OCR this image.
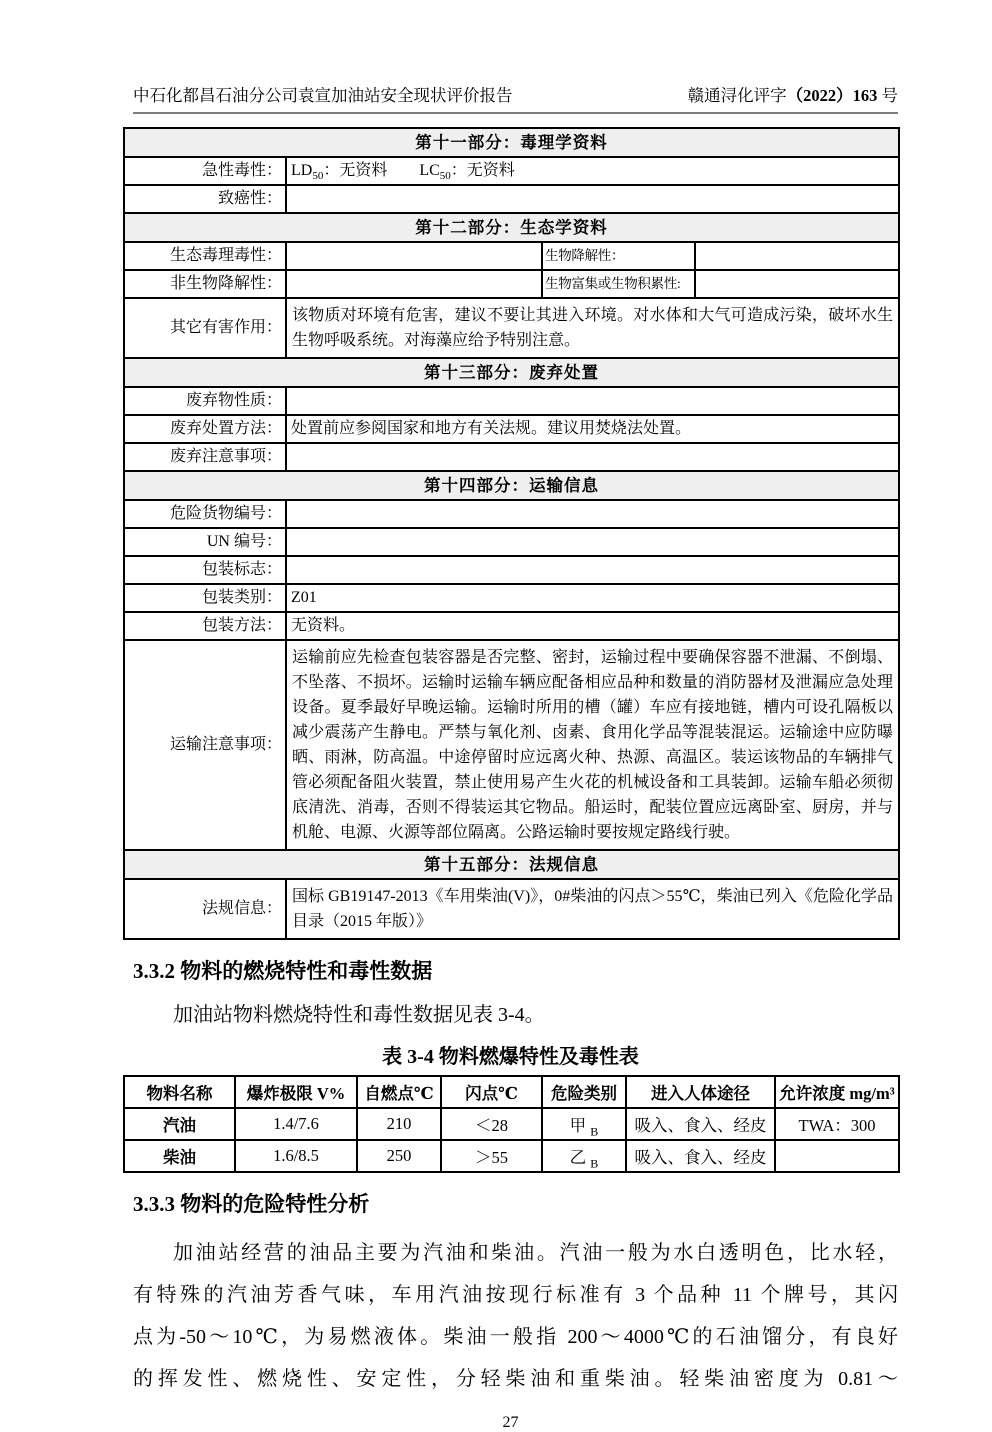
中石化都昌石油分公司袁宣加油站安全现状评价报告	赣通浔化评字（2022）163 号
第十一部分：毒理学资料			
急性毒性：	$LD_{50}$：无资料　　$LC_{50}$：无资料		
致癌性：			
第十二部分：生态学资料			
生态毒理毒性：		生物降解性：	
非生物降解性：		生物富集或生物积累性:	
其它有害作用：	该物质对环境有危害，建议不要让其进入环境。对水体和大气可造成污染，破坏水生生物呼吸系统。对海藻应给予特别注意。		
第十三部分：废弃处置			
废弃物性质：			
废弃处置方法：	处置前应参阅国家和地方有关法规。建议用焚烧法处置。		
废弃注意事项：			
第十四部分：运输信息			
危险货物编号：			
UN 编号：			
包装标志：			
包装类别：	Z01		
包装方法：	无资料。		
运输注意事项：	运输前应先检查包装容器是否完整、密封，运输过程中要确保容器不泄漏、不倒塌、不坠落、不损坏。运输时运输车辆应配备相应品种和数量的消防器材及泄漏应急处理设备。夏季最好早晚运输。运输时所用的槽（罐）车应有接地链，槽内可设孔隔板以减少震荡产生静电。严禁与氧化剂、卤素、食用化学品等混装混运。运输途中应防曝晒、雨淋，防高温。中途停留时应远离火种、热源、高温区。装运该物品的车辆排气管必须配备阻火装置，禁止使用易产生火花的机械设备和工具装卸。运输车船必须彻底清洗、消毒，否则不得装运其它物品。船运时，配装位置应远离卧室、厨房，并与机舱、电源、火源等部位隔离。公路运输时要按规定路线行驶。		
第十五部分：法规信息			
法规信息：	国标 GB19147-2013《车用柴油(V)》，0#柴油的闪点＞55℃，柴油已列入《危险化学品目录（2015 年版）》		
3.3.2 物料的燃烧特性和毒性数据
加油站物料燃烧特性和毒性数据见表 3-4。
表 3-4 物料燃爆特性及毒性表
物料名称	爆炸极限 V%	自燃点℃	闪点℃	危险类别	进入人体途径	允许浓度 mg/m³
汽油	1.4/7.6	210	＜28	甲 $_B$	吸入、食入、经皮	TWA：300
柴油	1.6/8.5	250	＞55	乙 $_B$	吸入、食入、经皮	
3.3.3 物料的危险特性分析
加油站经营的油品主要为汽油和柴油。汽油一般为水白透明色，比水轻，
有特殊的汽油芳香气味，车用汽油按现行标准有 3 个品种 11 个牌号，其闪
点为-50～10℃，为易燃液体。柴油一般指 200～4000℃的石油馏分，有良好
的挥发性、燃烧性、安定性，分轻柴油和重柴油。轻柴油密度为 0.81～
27
